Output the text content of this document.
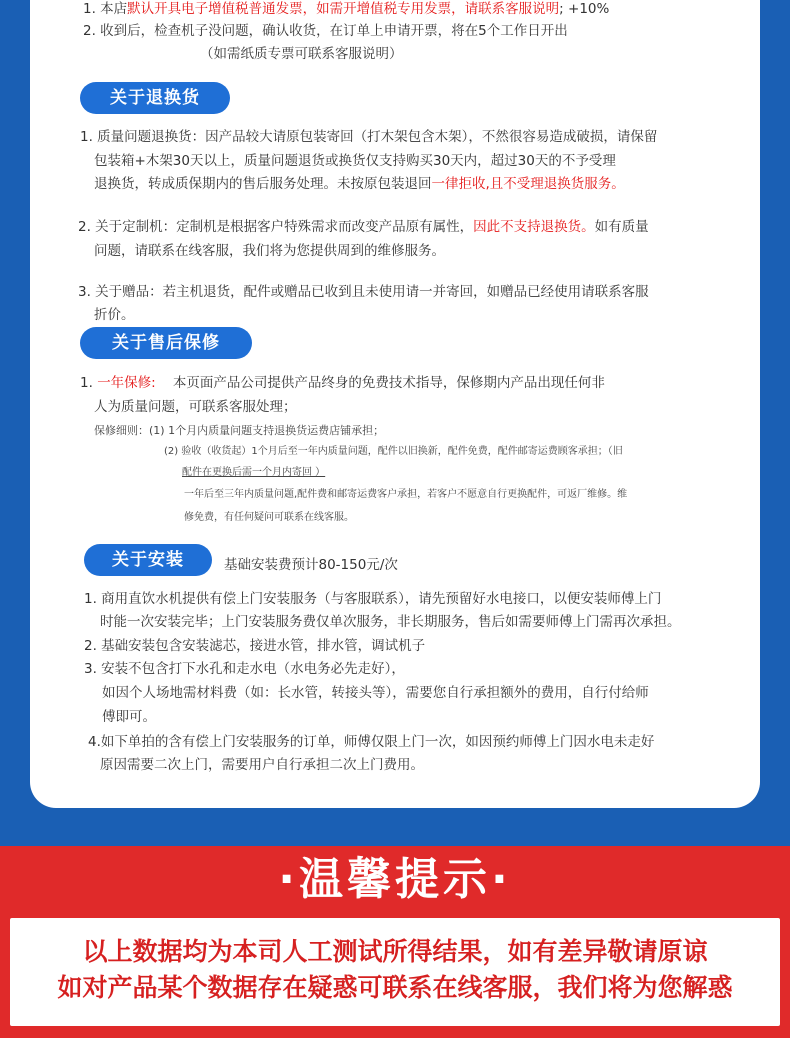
1. 本店默认开具电子增值税普通发票，如需开增值税专用发票，请联系客服说明; +10%
2. 收到后，检查机子没问题，确认收货，在订单上申请开票，将在5个工作日开出
（如需纸质专票可联系客服说明）
关于退换货
1. 质量问题退换货：因产品较大请原包装寄回（打木架包含木架），不然很容易造成破损，请保留
包装箱+木架30天以上，质量问题退货或换货仅支持购买30天内，超过30天的不予受理
退换货，转成质保期内的售后服务处理。未按原包装退回一律拒收,且不受理退换货服务。
2. 关于定制机：定制机是根据客户特殊需求而改变产品原有属性，因此不支持退换货。如有质量
问题，请联系在线客服，我们将为您提供周到的维修服务。
3. 关于赠品：若主机退货，配件或赠品已收到且未使用请一并寄回，如赠品已经使用请联系客服
折价。
关于售后保修
1. 一年保修: 本页面产品公司提供产品终身的免费技术指导，保修期内产品出现任何非
人为质量问题，可联系客服处理；
保修细则：(1) 1个月内质量问题支持退换货运费店铺承担；
(2) 验收（收货起）1个月后至一年内质量问题，配件以旧换新，配件免费，配件邮寄运费顾客承担；（旧
配件在更换后需一个月内寄回 ）
一年后至三年内质量问题,配件费和邮寄运费客户承担，若客户不愿意自行更换配件，可返厂维修。维
修免费，有任何疑问可联系在线客服。
关于安装	基础安装费预计80-150元/次
1. 商用直饮水机提供有偿上门安装服务（与客服联系），请先预留好水电接口，以便安装师傅上门
时能一次安装完毕；上门安装服务费仅单次服务，非长期服务，售后如需要师傅上门需再次承担。
2. 基础安装包含安装滤芯，接进水管，排水管，调试机子
3. 安装不包含打下水孔和走水电（水电务必先走好），
如因个人场地需材料费（如：长水管，转接头等），需要您自行承担额外的费用，自行付给师
傅即可。
4.如下单拍的含有偿上门安装服务的订单，师傅仅限上门一次，如因预约师傅上门因水电未走好
原因需要二次上门，需要用户自行承担二次上门费用。
·温馨提示·
以上数据均为本司人工测试所得结果，如有差异敬请原谅
如对产品某个数据存在疑惑可联系在线客服，我们将为您解惑
